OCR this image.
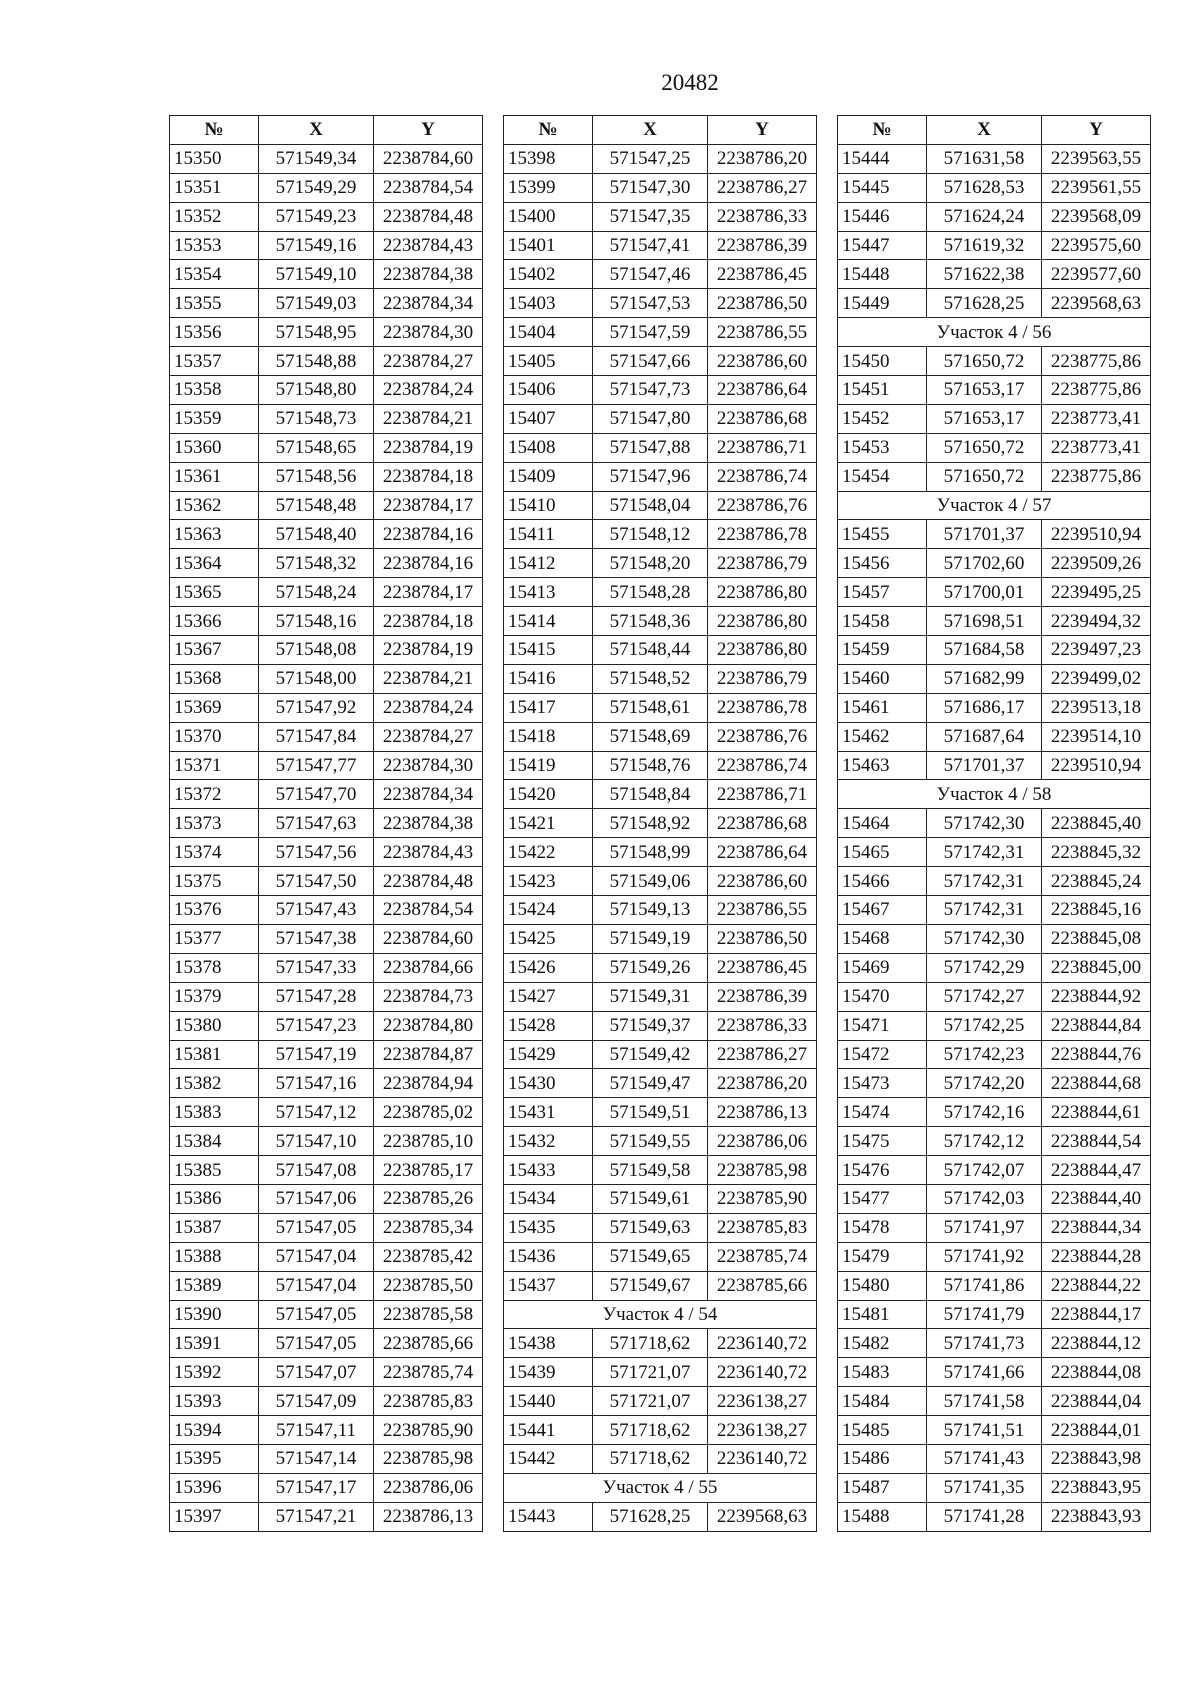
20482
№	X	Y
15350	571549,34	2238784,60
15351	571549,29	2238784,54
15352	571549,23	2238784,48
15353	571549,16	2238784,43
15354	571549,10	2238784,38
15355	571549,03	2238784,34
15356	571548,95	2238784,30
15357	571548,88	2238784,27
15358	571548,80	2238784,24
15359	571548,73	2238784,21
15360	571548,65	2238784,19
15361	571548,56	2238784,18
15362	571548,48	2238784,17
15363	571548,40	2238784,16
15364	571548,32	2238784,16
15365	571548,24	2238784,17
15366	571548,16	2238784,18
15367	571548,08	2238784,19
15368	571548,00	2238784,21
15369	571547,92	2238784,24
15370	571547,84	2238784,27
15371	571547,77	2238784,30
15372	571547,70	2238784,34
15373	571547,63	2238784,38
15374	571547,56	2238784,43
15375	571547,50	2238784,48
15376	571547,43	2238784,54
15377	571547,38	2238784,60
15378	571547,33	2238784,66
15379	571547,28	2238784,73
15380	571547,23	2238784,80
15381	571547,19	2238784,87
15382	571547,16	2238784,94
15383	571547,12	2238785,02
15384	571547,10	2238785,10
15385	571547,08	2238785,17
15386	571547,06	2238785,26
15387	571547,05	2238785,34
15388	571547,04	2238785,42
15389	571547,04	2238785,50
15390	571547,05	2238785,58
15391	571547,05	2238785,66
15392	571547,07	2238785,74
15393	571547,09	2238785,83
15394	571547,11	2238785,90
15395	571547,14	2238785,98
15396	571547,17	2238786,06
15397	571547,21	2238786,13
№	X	Y
15398	571547,25	2238786,20
15399	571547,30	2238786,27
15400	571547,35	2238786,33
15401	571547,41	2238786,39
15402	571547,46	2238786,45
15403	571547,53	2238786,50
15404	571547,59	2238786,55
15405	571547,66	2238786,60
15406	571547,73	2238786,64
15407	571547,80	2238786,68
15408	571547,88	2238786,71
15409	571547,96	2238786,74
15410	571548,04	2238786,76
15411	571548,12	2238786,78
15412	571548,20	2238786,79
15413	571548,28	2238786,80
15414	571548,36	2238786,80
15415	571548,44	2238786,80
15416	571548,52	2238786,79
15417	571548,61	2238786,78
15418	571548,69	2238786,76
15419	571548,76	2238786,74
15420	571548,84	2238786,71
15421	571548,92	2238786,68
15422	571548,99	2238786,64
15423	571549,06	2238786,60
15424	571549,13	2238786,55
15425	571549,19	2238786,50
15426	571549,26	2238786,45
15427	571549,31	2238786,39
15428	571549,37	2238786,33
15429	571549,42	2238786,27
15430	571549,47	2238786,20
15431	571549,51	2238786,13
15432	571549,55	2238786,06
15433	571549,58	2238785,98
15434	571549,61	2238785,90
15435	571549,63	2238785,83
15436	571549,65	2238785,74
15437	571549,67	2238785,66
Участок 4 / 54		
15438	571718,62	2236140,72
15439	571721,07	2236140,72
15440	571721,07	2236138,27
15441	571718,62	2236138,27
15442	571718,62	2236140,72
Участок 4 / 55		
15443	571628,25	2239568,63
№	X	Y
15444	571631,58	2239563,55
15445	571628,53	2239561,55
15446	571624,24	2239568,09
15447	571619,32	2239575,60
15448	571622,38	2239577,60
15449	571628,25	2239568,63
Участок 4 / 56		
15450	571650,72	2238775,86
15451	571653,17	2238775,86
15452	571653,17	2238773,41
15453	571650,72	2238773,41
15454	571650,72	2238775,86
Участок 4 / 57		
15455	571701,37	2239510,94
15456	571702,60	2239509,26
15457	571700,01	2239495,25
15458	571698,51	2239494,32
15459	571684,58	2239497,23
15460	571682,99	2239499,02
15461	571686,17	2239513,18
15462	571687,64	2239514,10
15463	571701,37	2239510,94
Участок 4 / 58		
15464	571742,30	2238845,40
15465	571742,31	2238845,32
15466	571742,31	2238845,24
15467	571742,31	2238845,16
15468	571742,30	2238845,08
15469	571742,29	2238845,00
15470	571742,27	2238844,92
15471	571742,25	2238844,84
15472	571742,23	2238844,76
15473	571742,20	2238844,68
15474	571742,16	2238844,61
15475	571742,12	2238844,54
15476	571742,07	2238844,47
15477	571742,03	2238844,40
15478	571741,97	2238844,34
15479	571741,92	2238844,28
15480	571741,86	2238844,22
15481	571741,79	2238844,17
15482	571741,73	2238844,12
15483	571741,66	2238844,08
15484	571741,58	2238844,04
15485	571741,51	2238844,01
15486	571741,43	2238843,98
15487	571741,35	2238843,95
15488	571741,28	2238843,93
